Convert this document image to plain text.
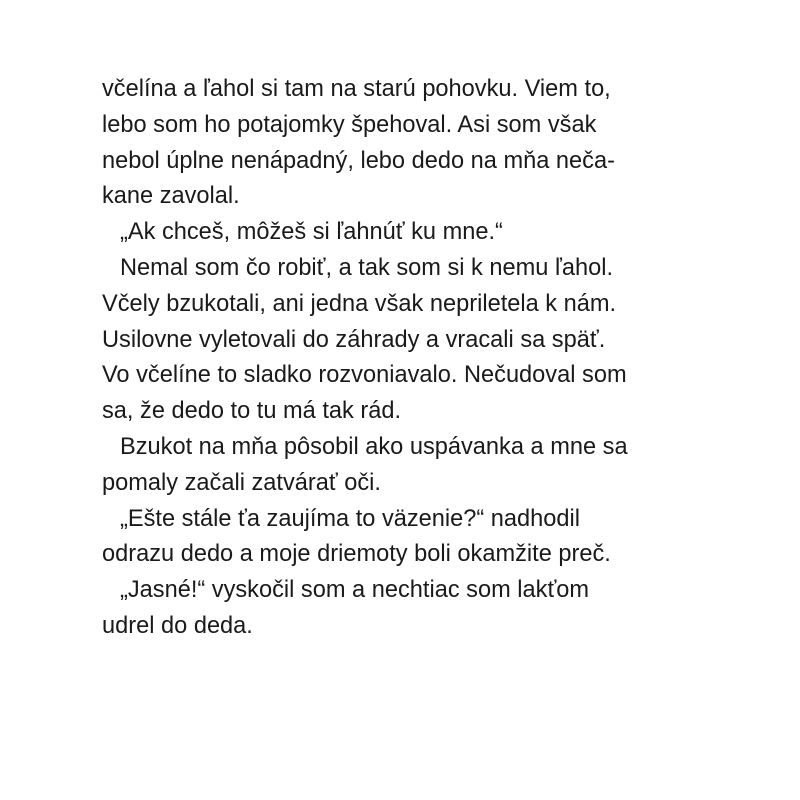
včelína a ľahol si tam na starú pohovku. Viem to,
lebo som ho potajomky špehoval. Asi som však
nebol úplne nenápadný, lebo dedo na mňa neča-
kane zavolal.
„Ak chceš, môžeš si ľahnúť ku mne.“
Nemal som čo robiť, a tak som si k nemu ľahol.
Včely bzukotali, ani jedna však nepriletela k nám.
Usilovne vyletovali do záhrady a vracali sa späť.
Vo včelíne to sladko rozvoniavalo. Nečudoval som
sa, že dedo to tu má tak rád.
Bzukot na mňa pôsobil ako uspávanka a mne sa
pomaly začali zatvárať oči.
„Ešte stále ťa zaujíma to väzenie?“ nadhodil
odrazu dedo a moje driemoty boli okamžite preč.
„Jasné!“ vyskočil som a nechtiac som lakťom
udrel do deda.
